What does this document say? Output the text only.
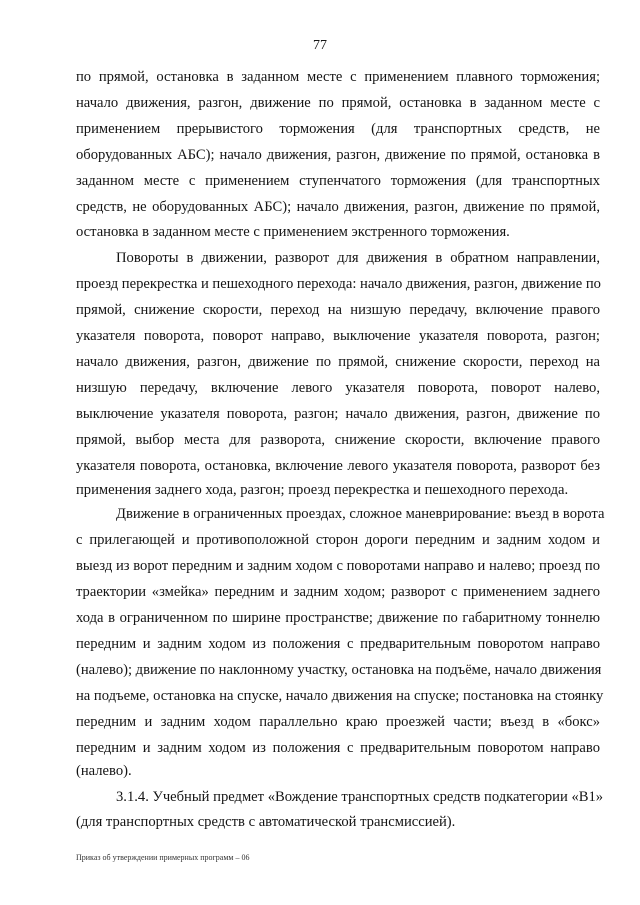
77
по прямой, остановка в заданном месте с применением плавного торможения;
начало движения, разгон, движение по прямой, остановка в заданном месте с
применением прерывистого торможения (для транспортных средств, не
оборудованных АБС); начало движения, разгон, движение по прямой, остановка в
заданном месте с применением ступенчатого торможения (для транспортных
средств, не оборудованных АБС); начало движения, разгон, движение по прямой,
остановка в заданном месте с применением экстренного торможения.
Повороты в движении, разворот для движения в обратном направлении,
проезд перекрестка и пешеходного перехода: начало движения, разгон, движение по
прямой, снижение скорости, переход на низшую передачу, включение правого
указателя поворота, поворот направо, выключение указателя поворота, разгон;
начало движения, разгон, движение по прямой, снижение скорости, переход на
низшую передачу, включение левого указателя поворота, поворот налево,
выключение указателя поворота, разгон; начало движения, разгон, движение по
прямой, выбор места для разворота, снижение скорости, включение правого
указателя поворота, остановка, включение левого указателя поворота, разворот без
применения заднего хода, разгон; проезд перекрестка и пешеходного перехода.
Движение в ограниченных проездах, сложное маневрирование: въезд в ворота
с прилегающей и противоположной сторон дороги передним и задним ходом и
выезд из ворот передним и задним ходом с поворотами направо и налево; проезд по
траектории «змейка» передним и задним ходом; разворот с применением заднего
хода в ограниченном по ширине пространстве; движение по габаритному тоннелю
передним и задним ходом из положения с предварительным поворотом направо
(налево); движение по наклонному участку, остановка на подъёме, начало движения
на подъеме, остановка на спуске, начало движения на спуске; постановка на стоянку
передним и задним ходом параллельно краю проезжей части; въезд в «бокс»
передним и задним ходом из положения с предварительным поворотом направо
(налево).
3.1.4. Учебный предмет «Вождение транспортных средств подкатегории «В1»
(для транспортных средств с автоматической трансмиссией).
Приказ об утверждении примерных программ – 06
